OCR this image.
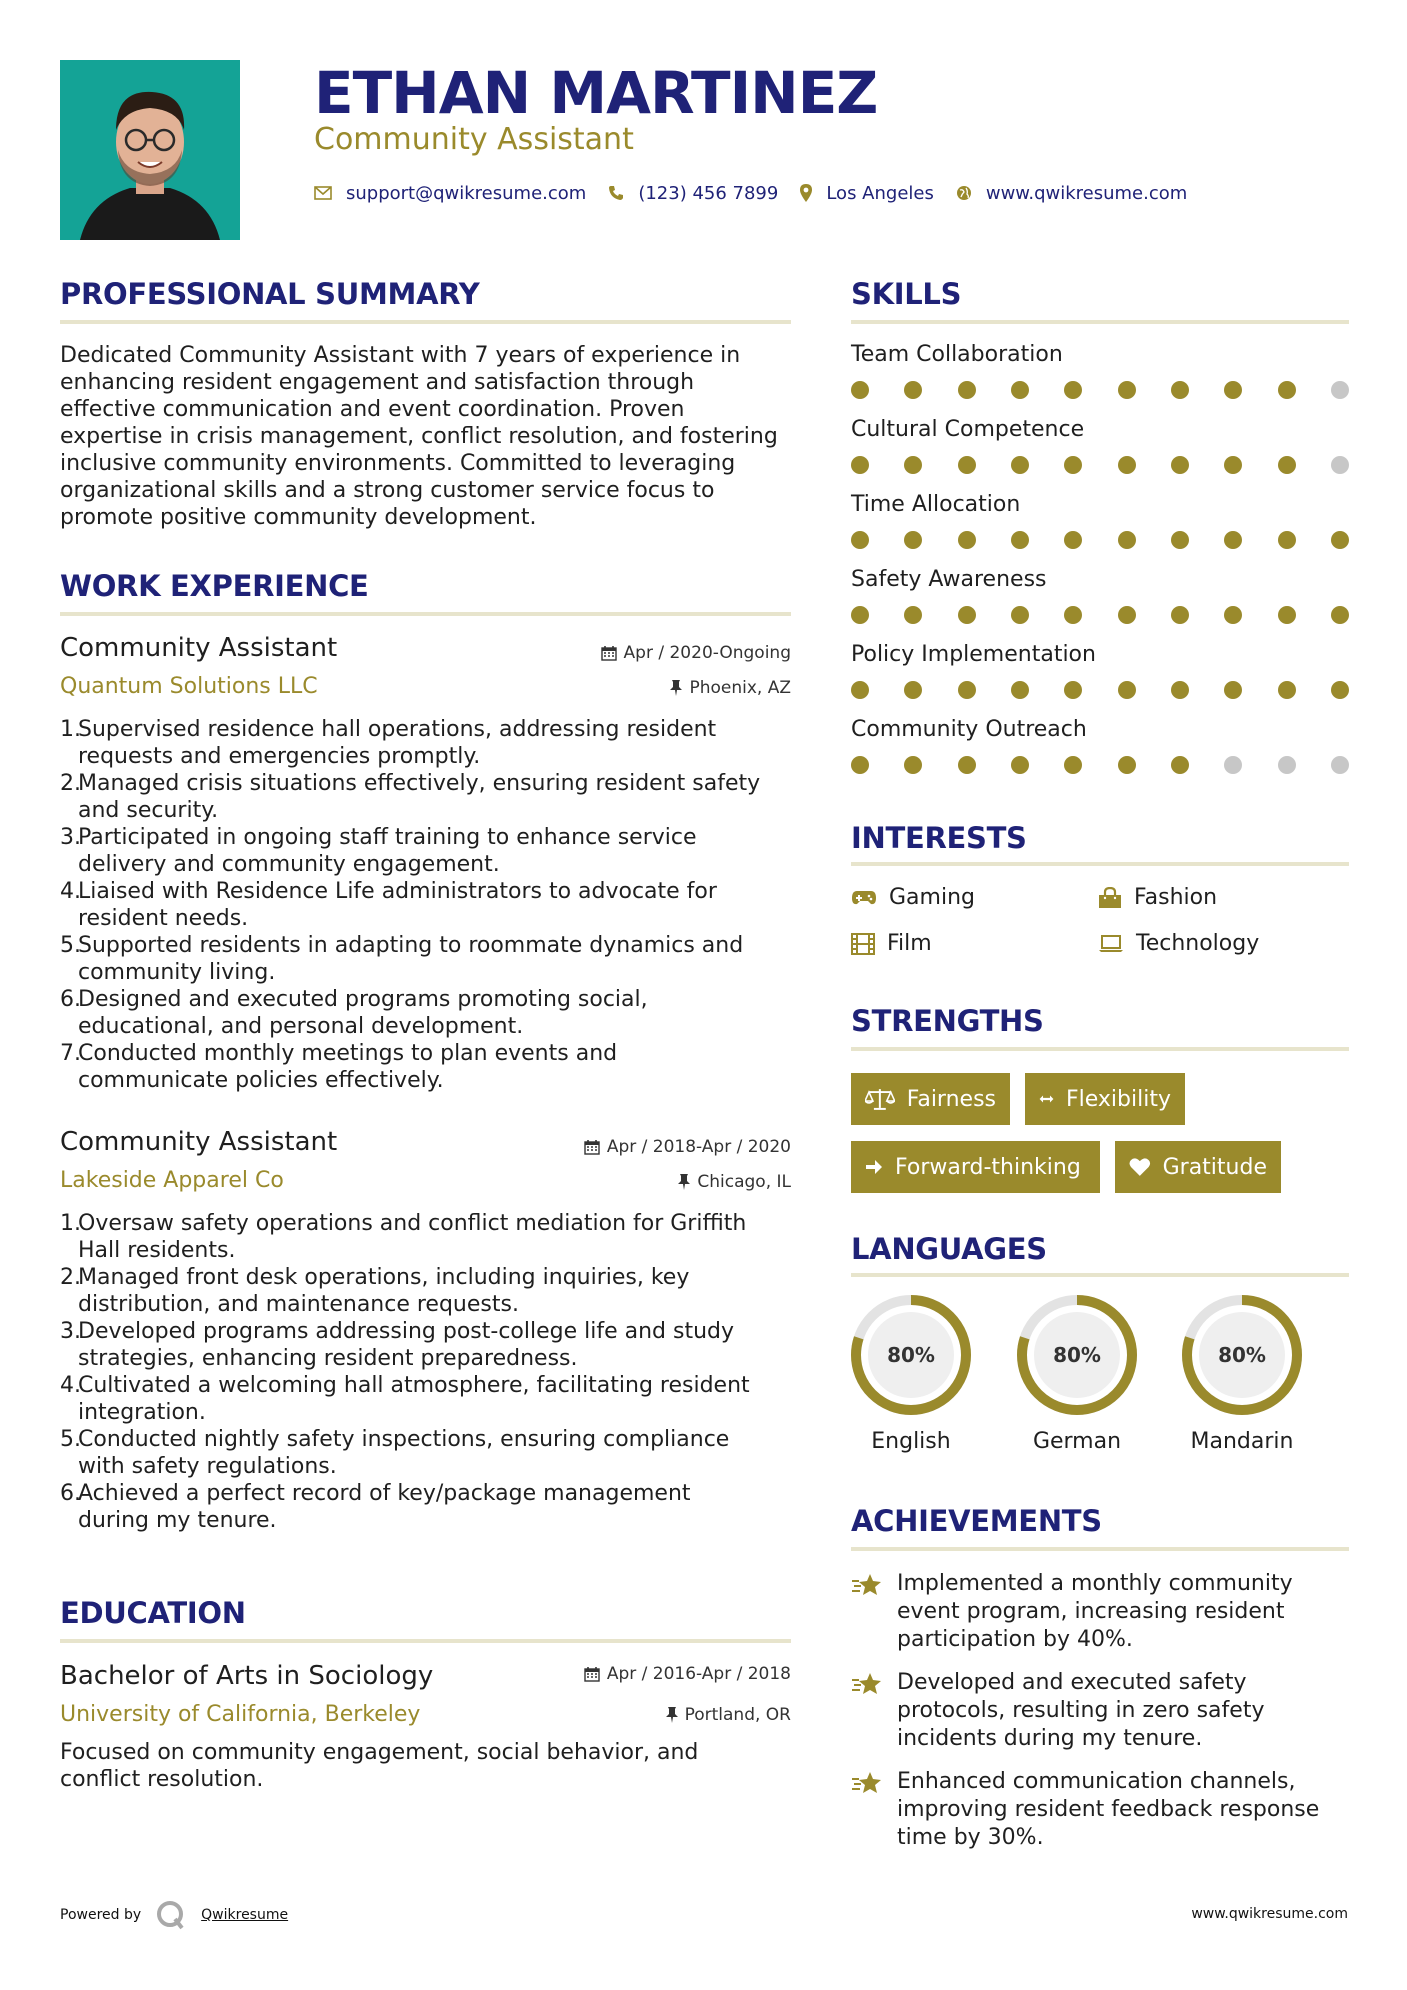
ETHAN MARTINEZ
Community Assistant
support@qwikresume.com	(123) 456 7899	Los Angeles	www.qwikresume.com
PROFESSIONAL SUMMARY
Dedicated Community Assistant with 7 years of experience in
enhancing resident engagement and satisfaction through
effective communication and event coordination. Proven
expertise in crisis management, conflict resolution, and fostering
inclusive community environments. Committed to leveraging
organizational skills and a strong customer service focus to
promote positive community development.
WORK EXPERIENCE
Community Assistant	Apr / 2020-Ongoing
Quantum Solutions LLC	Phoenix, AZ
1.
Supervised residence hall operations, addressing resident
requests and emergencies promptly.
2.
Managed crisis situations effectively, ensuring resident safety
and security.
3.
Participated in ongoing staff training to enhance service
delivery and community engagement.
4.
Liaised with Residence Life administrators to advocate for
resident needs.
5.
Supported residents in adapting to roommate dynamics and
community living.
6.
Designed and executed programs promoting social,
educational, and personal development.
7.
Conducted monthly meetings to plan events and
communicate policies effectively.
Community Assistant	Apr / 2018-Apr / 2020
Lakeside Apparel Co	Chicago, IL
1.
Oversaw safety operations and conflict mediation for Griffith
Hall residents.
2.
Managed front desk operations, including inquiries, key
distribution, and maintenance requests.
3.
Developed programs addressing post-college life and study
strategies, enhancing resident preparedness.
4.
Cultivated a welcoming hall atmosphere, facilitating resident
integration.
5.
Conducted nightly safety inspections, ensuring compliance
with safety regulations.
6.
Achieved a perfect record of key/package management
during my tenure.
EDUCATION
Bachelor of Arts in Sociology	Apr / 2016-Apr / 2018
University of California, Berkeley	Portland, OR
Focused on community engagement, social behavior, and
conflict resolution.
SKILLS
Team Collaboration
Cultural Competence
Time Allocation
Safety Awareness
Policy Implementation
Community Outreach
INTERESTS
Gaming	Fashion
Film	Technology
STRENGTHS
Fairness	Flexibility
Forward-thinking	Gratitude
LANGUAGES
80%
English
80%
German
80%
Mandarin
ACHIEVEMENTS
Implemented a monthly community
event program, increasing resident
participation by 40%.
Developed and executed safety
protocols, resulting in zero safety
incidents during my tenure.
Enhanced communication channels,
improving resident feedback response
time by 30%.
Powered by	Qwikresume	www.qwikresume.com
